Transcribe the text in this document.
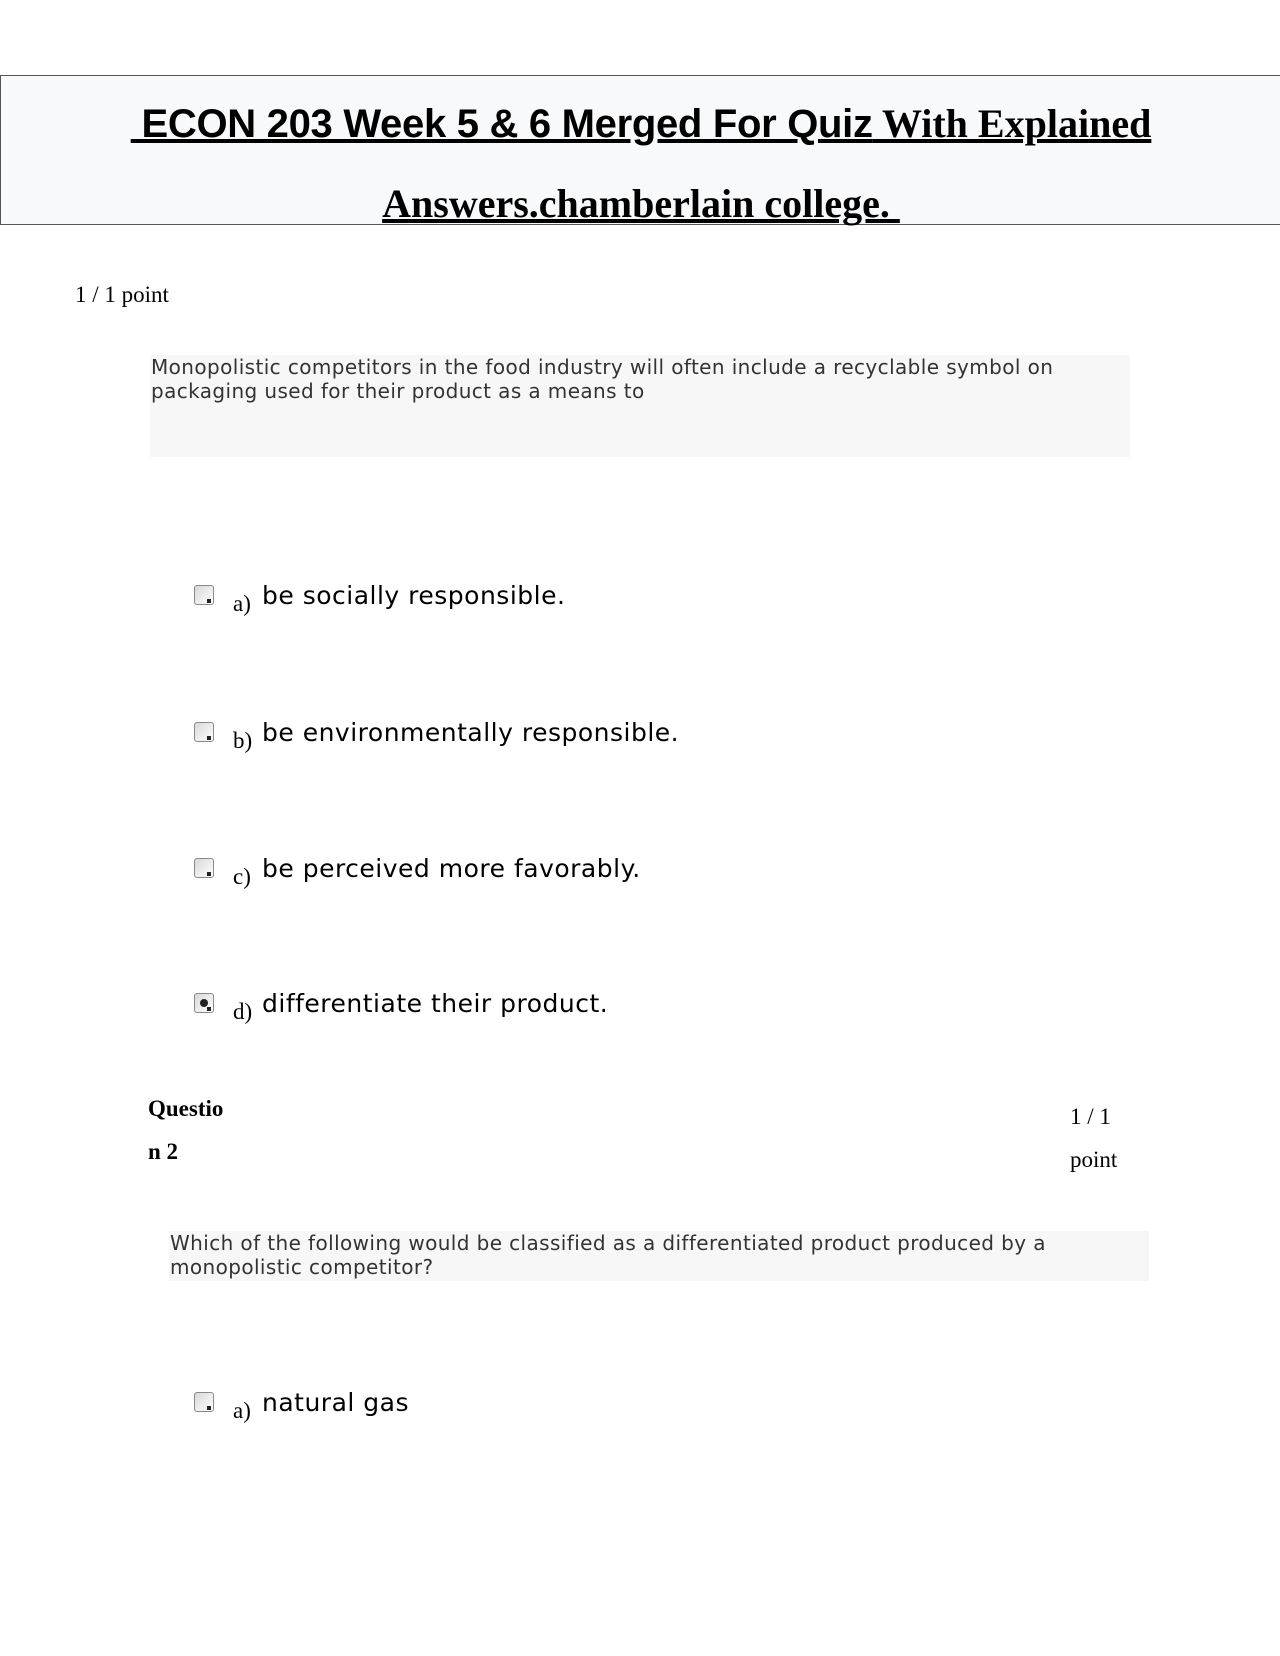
ECON 203 Week 5 & 6 Merged For Quiz With Explained
Answers.chamberlain college.
1 / 1 point
Monopolistic competitors in the food industry will often include a recyclable symbol on packaging used for their product as a means to
a) be socially responsible.
b) be environmentally responsible.
c) be perceived more favorably.
d) differentiate their product.
Questio
n 2
1 / 1
point
Which of the following would be classified as a differentiated product produced by a monopolistic competitor?
a) natural gas
